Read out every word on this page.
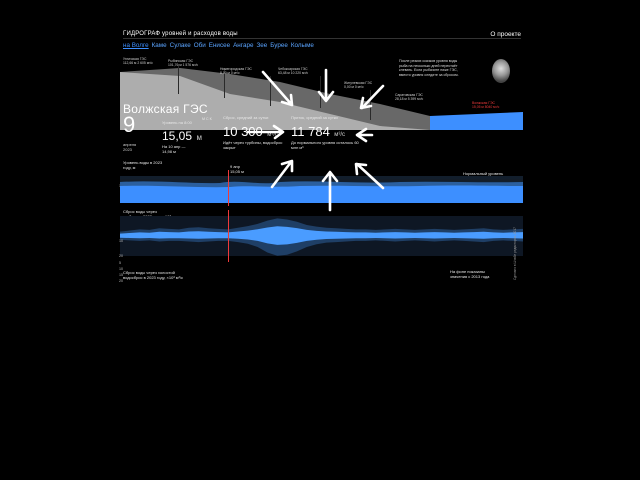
ГИДРОГРАФ уровней и расходов воды	О проекте
на Волге Каме Сулаке Оби Енисее Ангаре Зее Бурее Колыме
Угличская ГЭС
112,66 м 2 605 м³/с
Рыбинская ГЭС
101,76 м 1 576 м³/с
Нижегородская ГЭС
8,00 м 0 м³/с
Чебоксарская ГЭС
63,48 м 10 220 м³/с
Жигулевская ГЭС
0,00 м 0 м³/с
Саратовская ГЭС
28,18 м 5 399 м³/с
Волжская ГЭС
15,05 м 8040 м³/с
После резких скачков уровня воды рыба на несколько дней перестаёт клевать. Если рыбачите ниже ГЭС, вместо уровня следите за сбросом.
Волжская ГЭС
МСК
9
апреля
2023
Уровень на 8:00
15,05 м
На 10 апр —
14,98 м
Сброс, средний за сутки
10 300 м³/с
Идёт через турбины, водосброс закрыт
Приток, средний за сутки
11 784 м³/с
До нормального уровня осталось 60 млн м³
Уровень воды в 2023 году, м
Нормальный уровень
9 апр
15,05 м
Сброс воды через
10
20
5
10
15
20
Сброс воды через холостой водосброс в 2023 году, ×10³ м³/с
На фоне показаны значения с 2013 года	Сделано в Штабе редакторов, 2017
